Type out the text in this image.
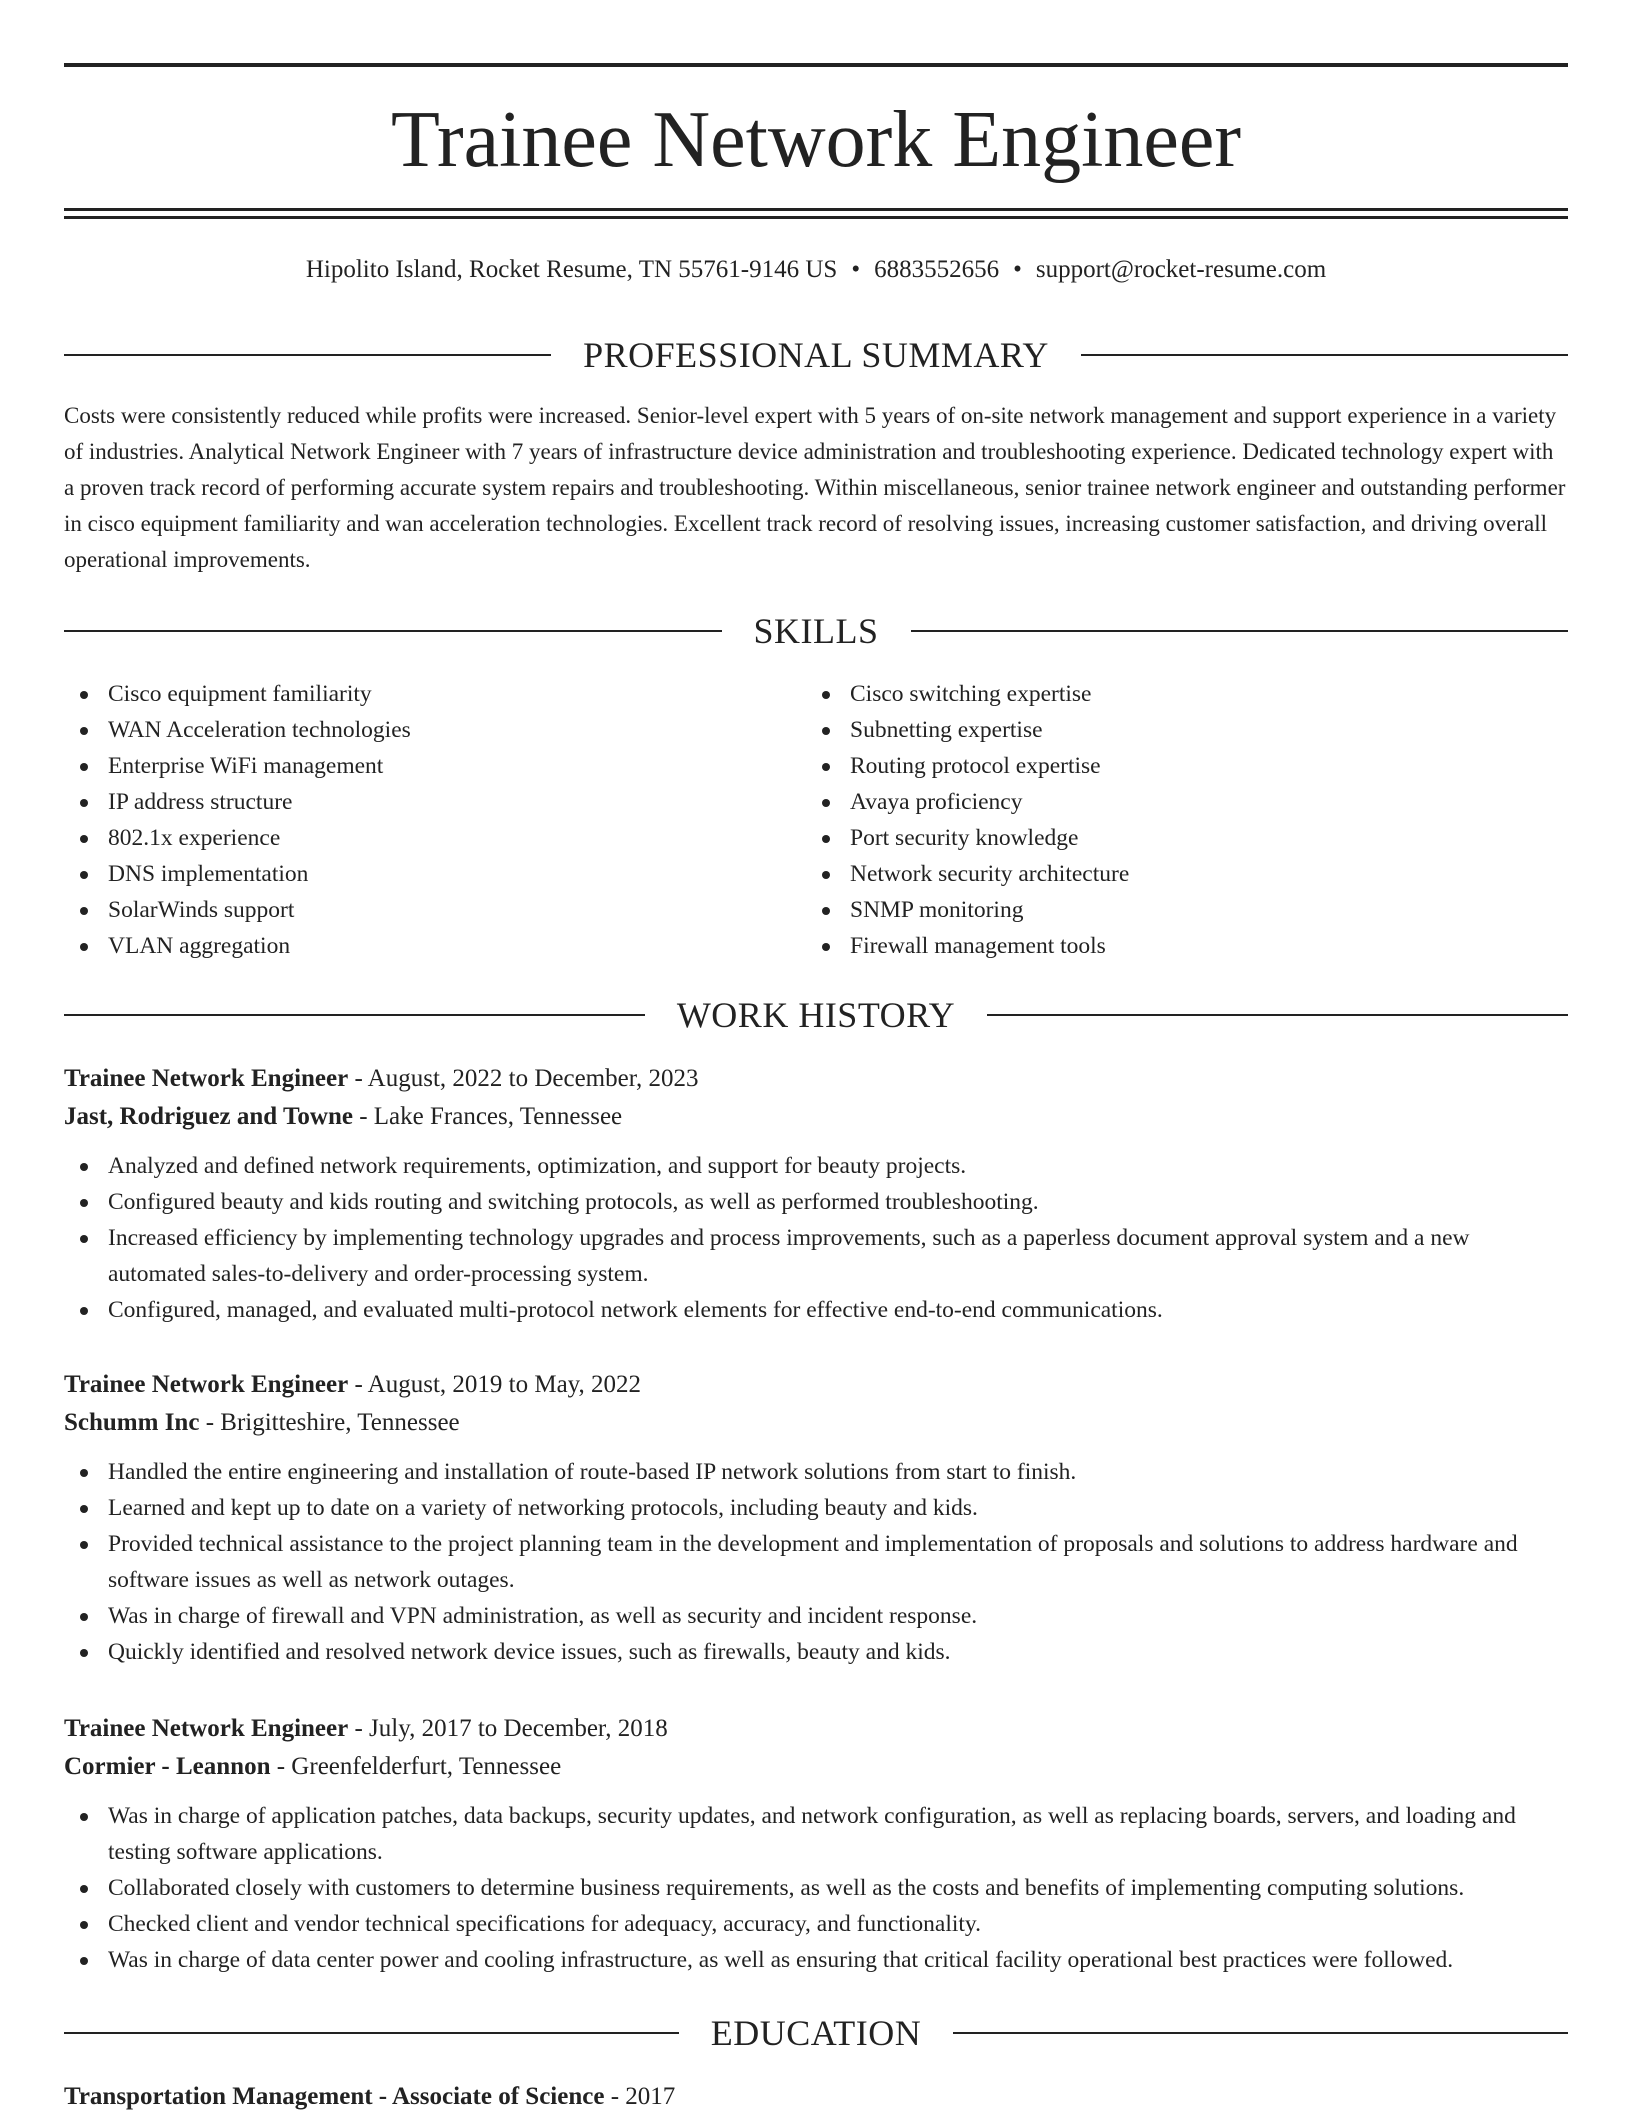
Trainee Network Engineer
Hipolito Island, Rocket Resume, TN 55761-9146 US • 6883552656 • support@rocket-resume.com
PROFESSIONAL SUMMARY

Costs were consistently reduced while profits were increased. Senior-level expert with 5 years of on-site network management and support experience in a variety of industries. Analytical Network Engineer with 7 years of infrastructure device administration and troubleshooting experience. Dedicated technology expert with a proven track record of performing accurate system repairs and troubleshooting. Within miscellaneous, senior trainee network engineer and outstanding performer in cisco equipment familiarity and wan acceleration technologies. Excellent track record of resolving issues, increasing customer satisfaction, and driving overall operational improvements.

SKILLS
Cisco equipment familiarity
WAN Acceleration technologies
Enterprise WiFi management
IP address structure
802.1x experience
DNS implementation
SolarWinds support
VLAN aggregation
Cisco switching expertise
Subnetting expertise
Routing protocol expertise
Avaya proficiency
Port security knowledge
Network security architecture
SNMP monitoring
Firewall management tools
WORK HISTORY
Trainee Network Engineer - August, 2022 to December, 2023
Jast, Rodriguez and Towne - Lake Frances, Tennessee
Analyzed and defined network requirements, optimization, and support for beauty projects.
Configured beauty and kids routing and switching protocols, as well as performed troubleshooting.
Increased efficiency by implementing technology upgrades and process improvements, such as a paperless document approval system and a new automated sales-to-delivery and order-processing system.
Configured, managed, and evaluated multi-protocol network elements for effective end-to-end communications.
Trainee Network Engineer - August, 2019 to May, 2022
Schumm Inc - Brigitteshire, Tennessee
Handled the entire engineering and installation of route-based IP network solutions from start to finish.
Learned and kept up to date on a variety of networking protocols, including beauty and kids.
Provided technical assistance to the project planning team in the development and implementation of proposals and solutions to address hardware and software issues as well as network outages.
Was in charge of firewall and VPN administration, as well as security and incident response.
Quickly identified and resolved network device issues, such as firewalls, beauty and kids.
Trainee Network Engineer - July, 2017 to December, 2018
Cormier - Leannon - Greenfelderfurt, Tennessee
Was in charge of application patches, data backups, security updates, and network configuration, as well as replacing boards, servers, and loading and testing software applications.
Collaborated closely with customers to determine business requirements, as well as the costs and benefits of implementing computing solutions.
Checked client and vendor technical specifications for adequacy, accuracy, and functionality.
Was in charge of data center power and cooling infrastructure, as well as ensuring that critical facility operational best practices were followed.
EDUCATION
Transportation Management - Associate of Science - 2017
